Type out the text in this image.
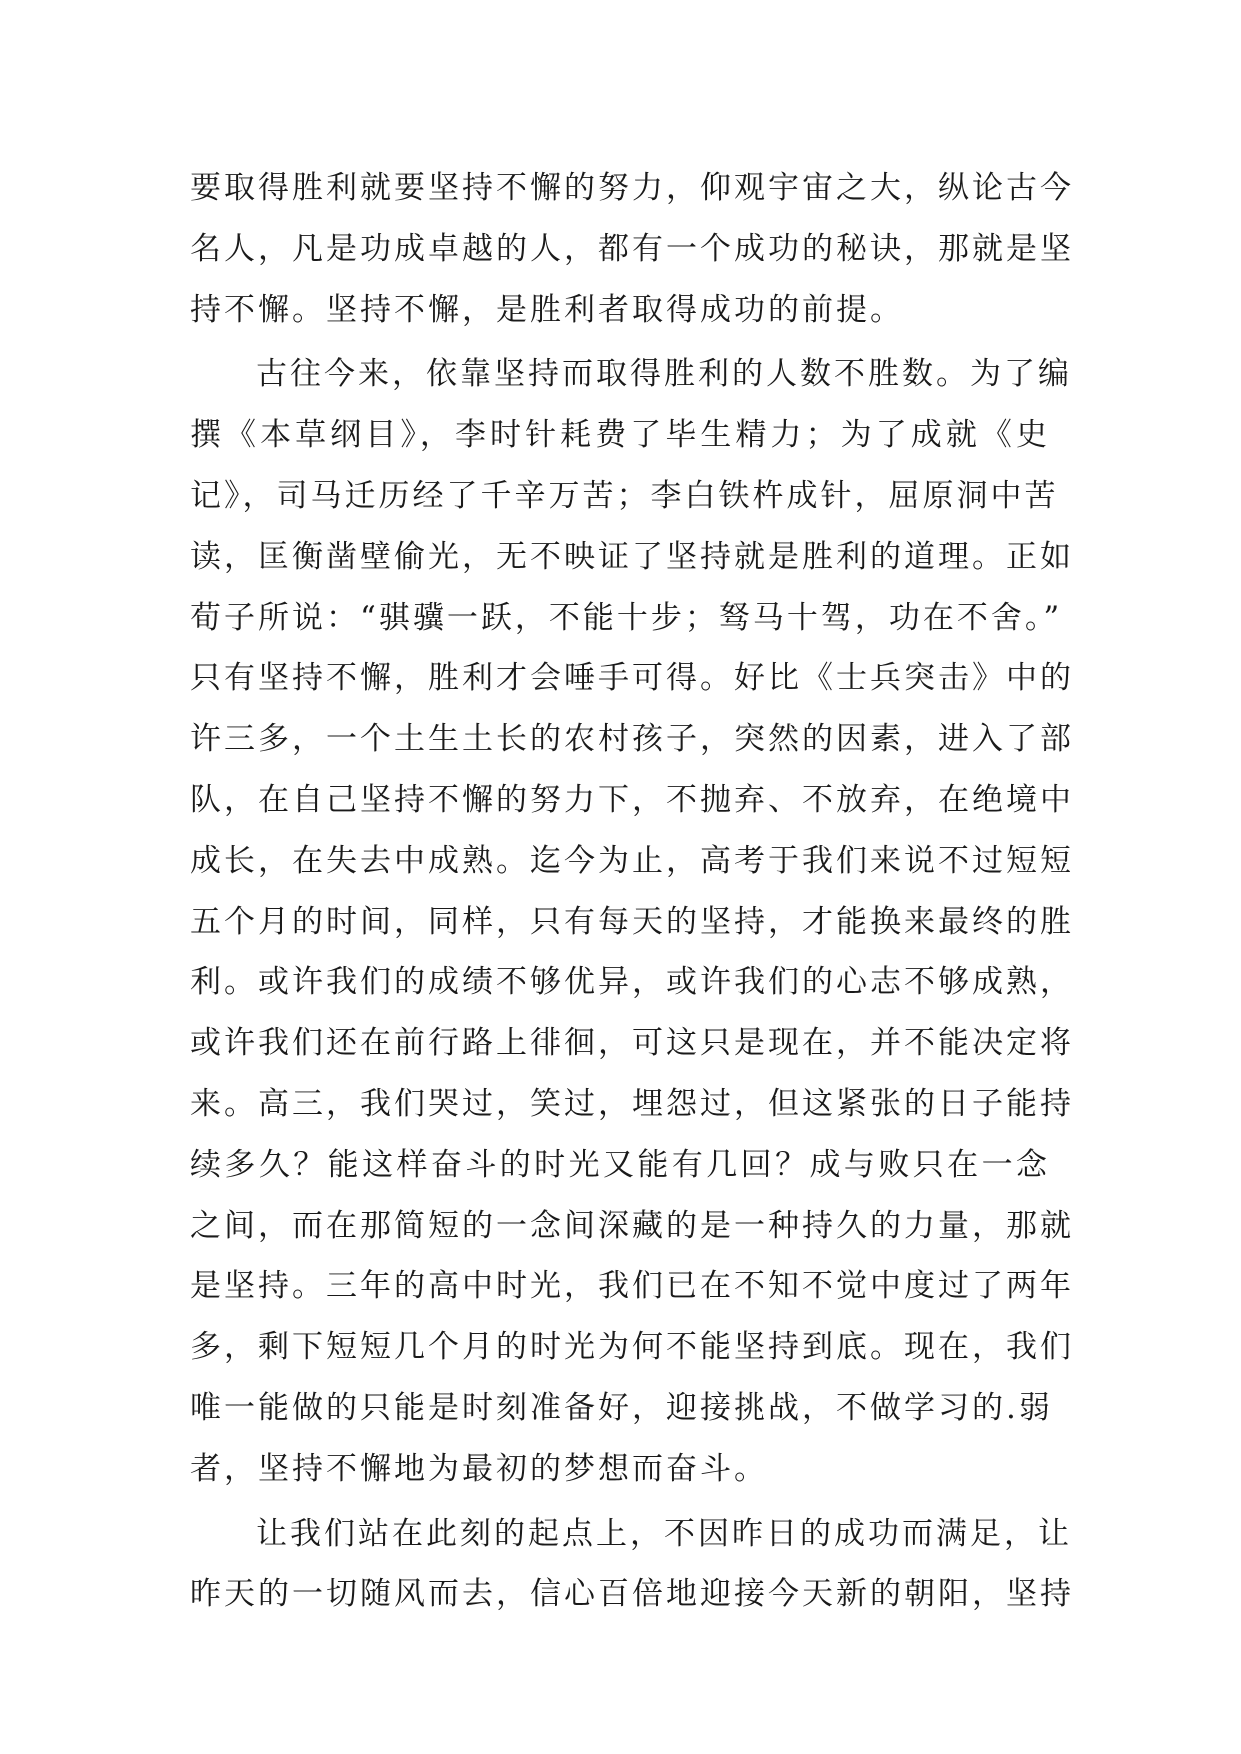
要取得胜利就要坚持不懈的努力，仰观宇宙之大，纵论古今
名人，凡是功成卓越的人，都有一个成功的秘诀，那就是坚
持不懈。坚持不懈，是胜利者取得成功的前提。
古往今来，依靠坚持而取得胜利的人数不胜数。为了编
撰《本草纲目》，李时针耗费了毕生精力；为了成就《史
记》，司马迁历经了千辛万苦；李白铁杵成针，屈原洞中苦
读，匡衡凿壁偷光，无不映证了坚持就是胜利的道理。正如
荀子所说：“骐骥一跃，不能十步；驽马十驾，功在不舍。”
只有坚持不懈，胜利才会唾手可得。好比《士兵突击》中的
许三多，一个土生土长的农村孩子，突然的因素，进入了部
队，在自己坚持不懈的努力下，不抛弃、不放弃，在绝境中
成长，在失去中成熟。迄今为止，高考于我们来说不过短短
五个月的时间，同样，只有每天的坚持，才能换来最终的胜
利。或许我们的成绩不够优异，或许我们的心志不够成熟，
或许我们还在前行路上徘徊，可这只是现在，并不能决定将
来。高三，我们哭过，笑过，埋怨过，但这紧张的日子能持
续多久？能这样奋斗的时光又能有几回？成与败只在一念
之间，而在那简短的一念间深藏的是一种持久的力量，那就
是坚持。三年的高中时光，我们已在不知不觉中度过了两年
多，剩下短短几个月的时光为何不能坚持到底。现在，我们
唯一能做的只能是时刻准备好，迎接挑战，不做学习的.弱
者，坚持不懈地为最初的梦想而奋斗。
让我们站在此刻的起点上，不因昨日的成功而满足，让
昨天的一切随风而去，信心百倍地迎接今天新的朝阳，坚持
